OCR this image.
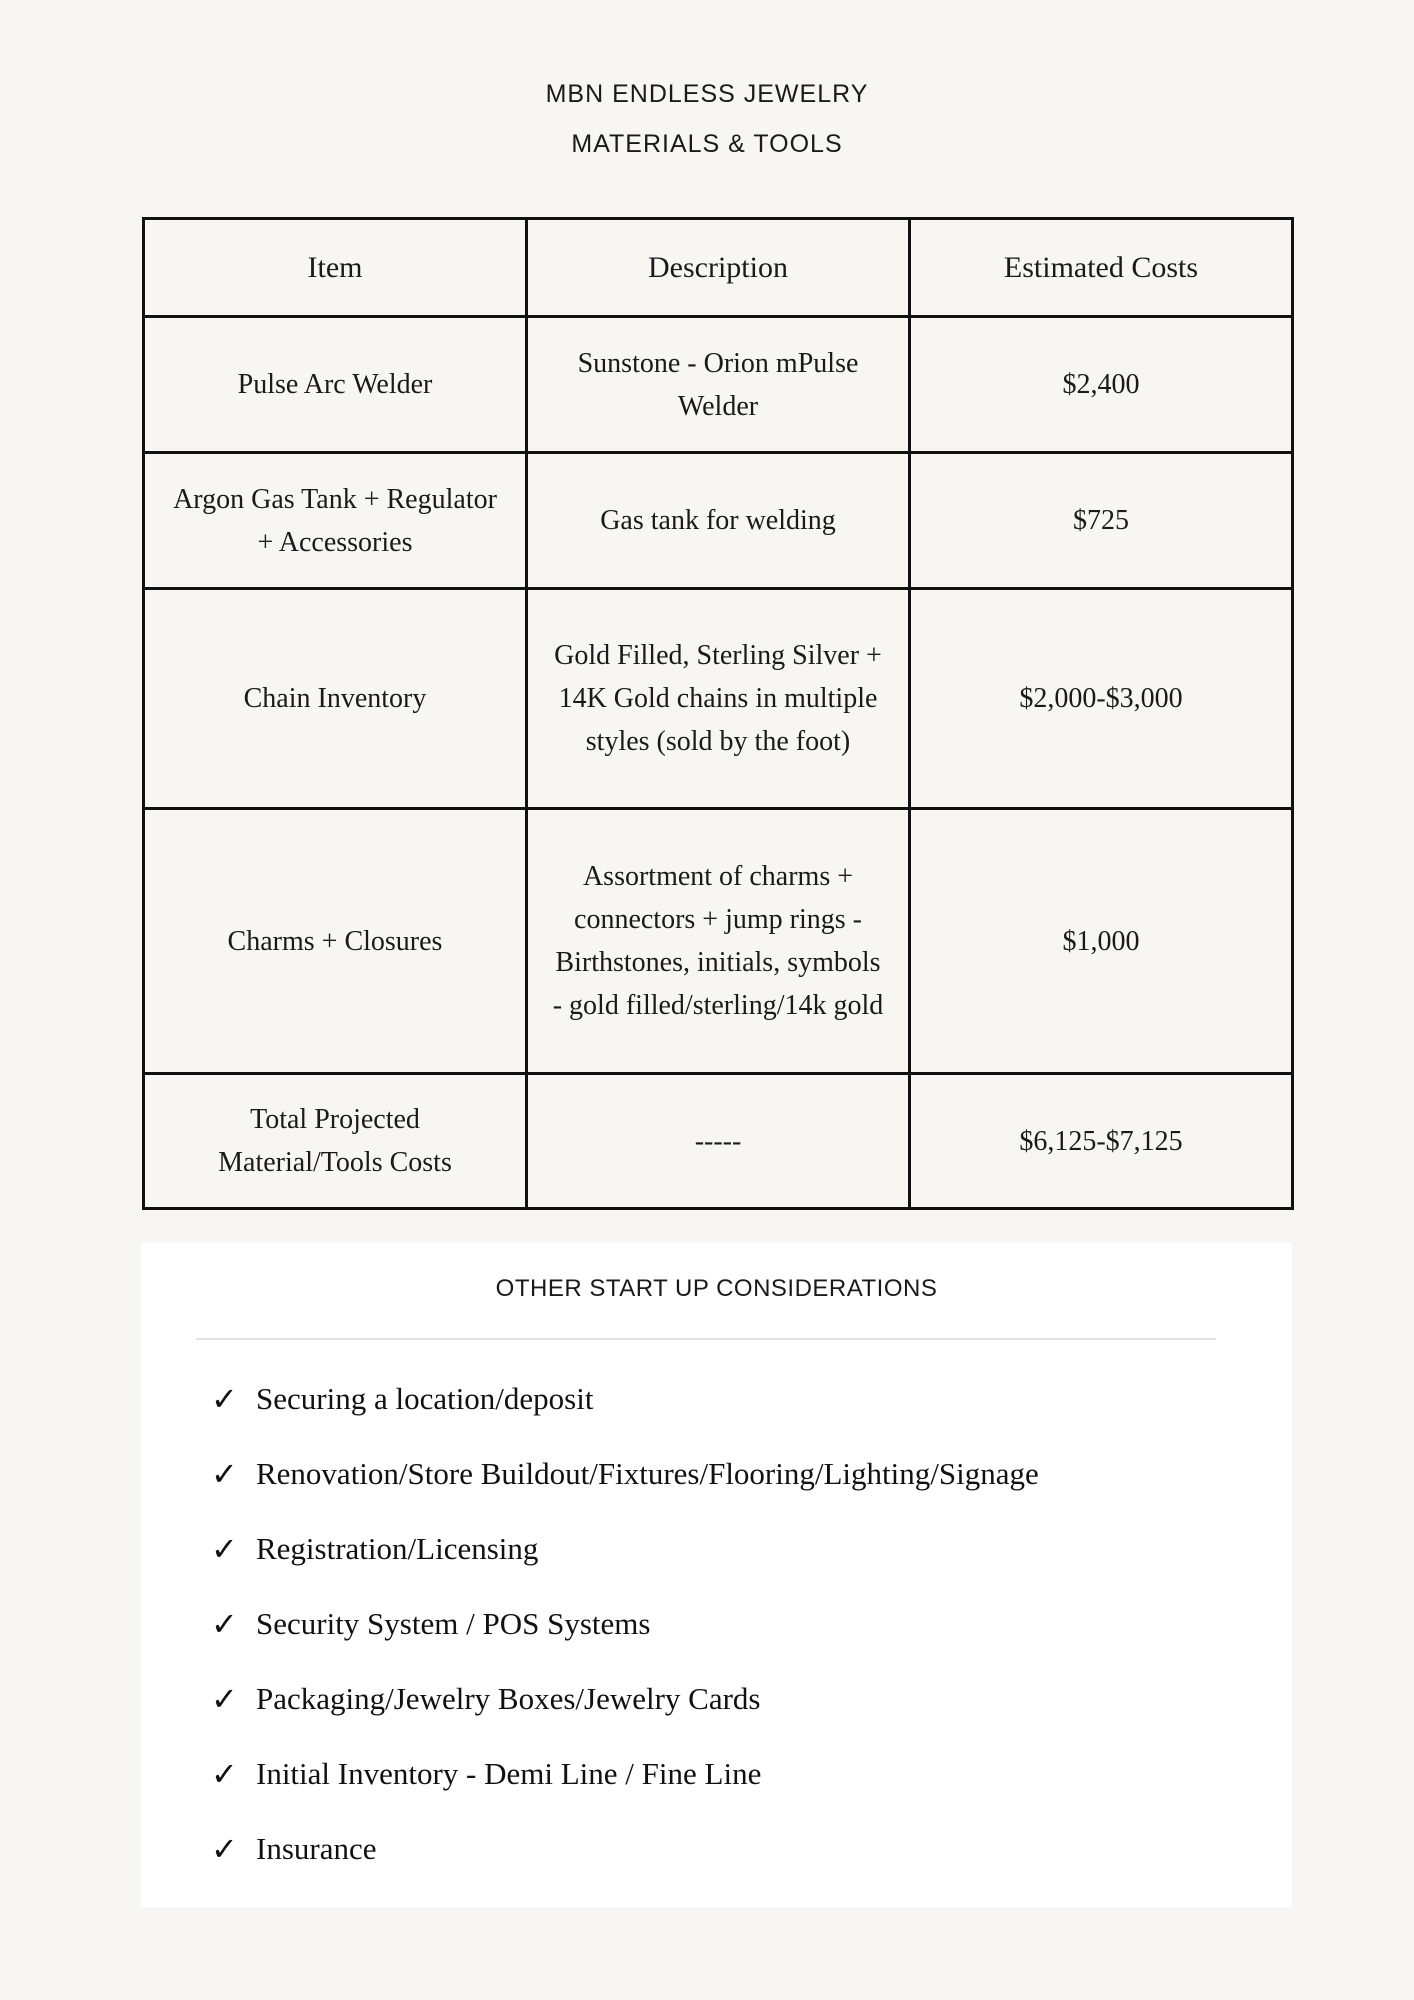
MBN ENDLESS JEWELRY
MATERIALS & TOOLS
Item	Description	Estimated Costs
Pulse Arc Welder	Sunstone - Orion mPulse Welder	$2,400
Argon Gas Tank + Regulator + Accessories	Gas tank for welding	$725
Chain Inventory	Gold Filled, Sterling Silver + 14K Gold chains in multiple styles (sold by the foot)	$2,000-$3,000
Charms + Closures	Assortment of charms + connectors + jump rings - Birthstones, initials, symbols - gold filled/sterling/14k gold	$1,000
Total Projected Material/Tools Costs	-----	$6,125-$7,125
OTHER START UP CONSIDERATIONS
✓ Securing a location/deposit
✓ Renovation/Store Buildout/Fixtures/Flooring/Lighting/Signage
✓ Registration/Licensing
✓ Security System / POS Systems
✓ Packaging/Jewelry Boxes/Jewelry Cards
✓ Initial Inventory - Demi Line / Fine Line
✓ Insurance
